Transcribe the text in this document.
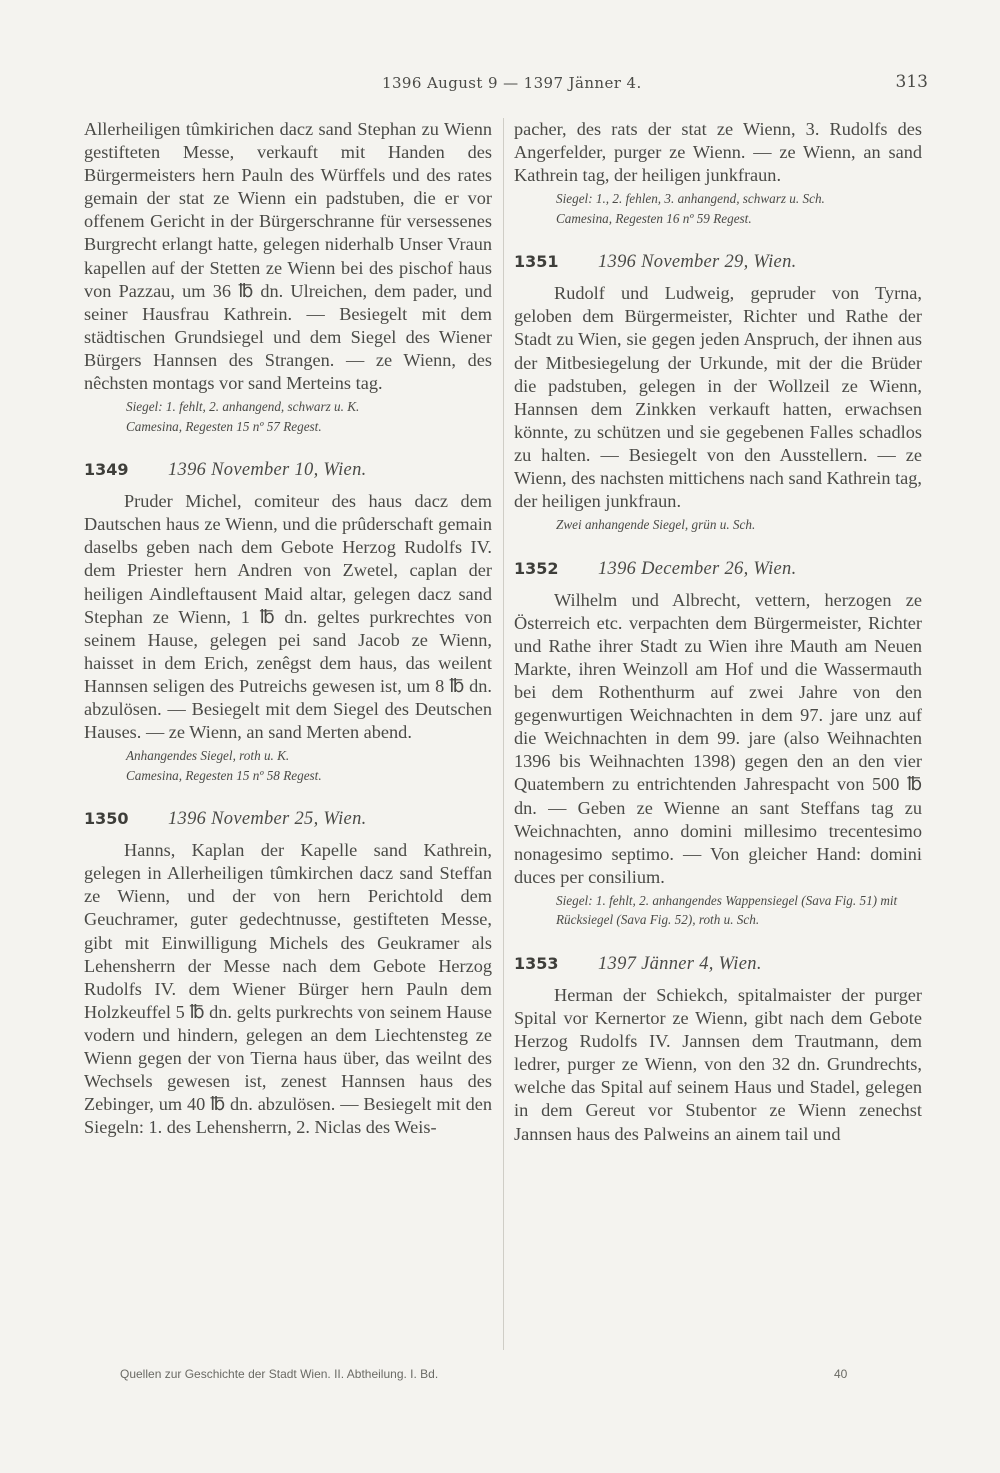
1396 August 9 — 1397 Jänner 4.	313

Allerheiligen tûmkirichen dacz sand Stephan zu Wienn gestifteten Messe, verkauft mit Handen des Bürgermeisters hern Pauln des Würffels und des rates gemain der stat ze Wienn ein padstuben, die er vor offenem Gericht in der Bürgerschranne für versessenes Burgrecht erlangt hatte, gelegen niderhalb Unser Vraun kapellen auf der Stetten ze Wienn bei des pischof haus von Pazzau, um 36 ℔ dn. Ulreichen, dem pader, und seiner Hausfrau Kathrein. — Besiegelt mit dem städtischen Grundsiegel und dem Siegel des Wiener Bürgers Hannsen des Strangen. — ze Wienn, des nêchsten montags vor sand Merteins tag.

Siegel: 1. fehlt, 2. anhangend, schwarz u. K.
Camesina, Regesten 15 nº 57 Regest.
1349 1396 November 10, Wien.

Pruder Michel, comiteur des haus dacz dem Dautschen haus ze Wienn, und die prûderschaft gemain daselbs geben nach dem Gebote Herzog Rudolfs IV. dem Priester hern Andren von Zwetel, caplan der heiligen Aindleftausent Maid altar, gelegen dacz sand Stephan ze Wienn, 1 ℔ dn. geltes purkrechtes von seinem Hause, gelegen pei sand Jacob ze Wienn, haisset in dem Erich, zenêgst dem haus, das weilent Hannsen seligen des Putreichs gewesen ist, um 8 ℔ dn. abzulösen. — Besiegelt mit dem Siegel des Deutschen Hauses. — ze Wienn, an sand Merten abend.

Anhangendes Siegel, roth u. K.
Camesina, Regesten 15 nº 58 Regest.
1350 1396 November 25, Wien.

Hanns, Kaplan der Kapelle sand Kathrein, gelegen in Allerheiligen tûmkirchen dacz sand Steffan ze Wienn, und der von hern Perichtold dem Geuchramer, guter gedechtnusse, gestifteten Messe, gibt mit Einwilligung Michels des Geukramer als Lehensherrn der Messe nach dem Gebote Herzog Rudolfs IV. dem Wiener Bürger hern Pauln dem Holzkeuffel 5 ℔ dn. gelts purkrechts von seinem Hause vodern und hindern, gelegen an dem Liechtensteg ze Wienn gegen der von Tierna haus über, das weilnt des Wechsels gewesen ist, zenest Hannsen haus des Zebinger, um 40 ℔ dn. abzulösen. — Besiegelt mit den Siegeln: 1. des Lehensherrn, 2. Niclas des Weis-

pacher, des rats der stat ze Wienn, 3. Rudolfs des Angerfelder, purger ze Wienn. — ze Wienn, an sand Kathrein tag, der heiligen junkfraun.

Siegel: 1., 2. fehlen, 3. anhangend, schwarz u. Sch.
Camesina, Regesten 16 nº 59 Regest.
1351 1396 November 29, Wien.

Rudolf und Ludweig, gepruder von Tyrna, geloben dem Bürgermeister, Richter und Rathe der Stadt zu Wien, sie gegen jeden Anspruch, der ihnen aus der Mitbesiegelung der Urkunde, mit der die Brüder die padstuben, gelegen in der Wollzeil ze Wienn, Hannsen dem Zinkken verkauft hatten, erwachsen könnte, zu schützen und sie gegebenen Falles schadlos zu halten. — Besiegelt von den Ausstellern. — ze Wienn, des nachsten mittichens nach sand Kathrein tag, der heiligen junkfraun.

Zwei anhangende Siegel, grün u. Sch.
1352 1396 December 26, Wien.

Wilhelm und Albrecht, vettern, herzogen ze Österreich etc. verpachten dem Bürgermeister, Richter und Rathe ihrer Stadt zu Wien ihre Mauth am Neuen Markte, ihren Weinzoll am Hof und die Wassermauth bei dem Rothenthurm auf zwei Jahre von den gegenwurtigen Weichnachten in dem 97. jare unz auf die Weichnachten in dem 99. jare (also Weihnachten 1396 bis Weihnachten 1398) gegen den an den vier Quatembern zu entrichtenden Jahrespacht von 500 ℔ dn. — Geben ze Wienne an sant Steffans tag zu Weichnachten, anno domini millesimo trecentesimo nonagesimo septimo. — Von gleicher Hand: domini duces per consilium.

Siegel: 1. fehlt, 2. anhangendes Wappensiegel (Sava Fig. 51) mit Rücksiegel (Sava Fig. 52), roth u. Sch.
1353 1397 Jänner 4, Wien.

Herman der Schiekch, spitalmaister der purger Spital vor Kernertor ze Wienn, gibt nach dem Gebote Herzog Rudolfs IV. Jannsen dem Trautmann, dem ledrer, purger ze Wienn, von den 32 dn. Grundrechts, welche das Spital auf seinem Haus und Stadel, gelegen in dem Gereut vor Stubentor ze Wienn zenechst Jannsen haus des Palweins an ainem tail und

Quellen zur Geschichte der Stadt Wien. II. Abtheilung. I. Bd.	40
